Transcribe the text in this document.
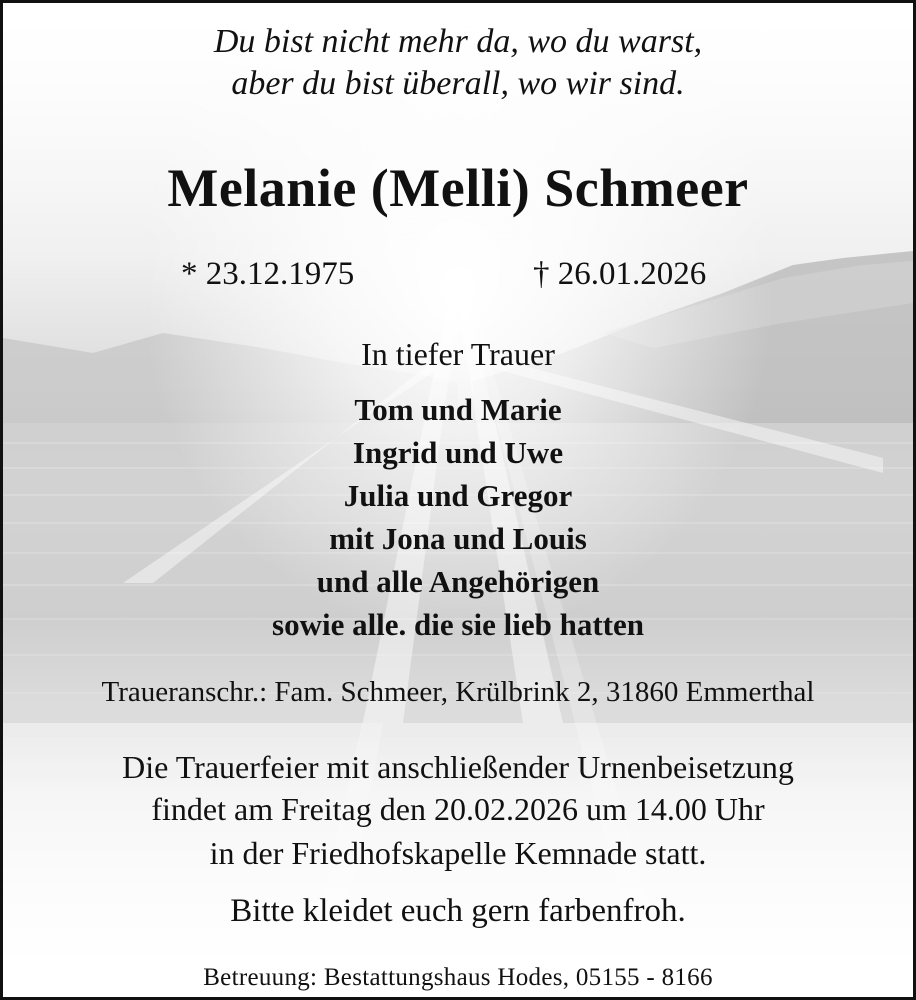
Du bist nicht mehr da, wo du warst,
aber du bist überall, wo wir sind.
Melanie (Melli) Schmeer
* 23.12.1975	† 26.01.2026
In tiefer Trauer
Tom und Marie
Ingrid und Uwe
Julia und Gregor
mit Jona und Louis
und alle Angehörigen
sowie alle. die sie lieb hatten
Traueranschr.: Fam. Schmeer, Krülbrink 2, 31860 Emmerthal
Die Trauerfeier mit anschließender Urnenbeisetzung
findet am Freitag den 20.02.2026 um 14.00 Uhr
in der Friedhofskapelle Kemnade statt.
Bitte kleidet euch gern farbenfroh.
Betreuung: Bestattungshaus Hodes, 05155 - 8166
